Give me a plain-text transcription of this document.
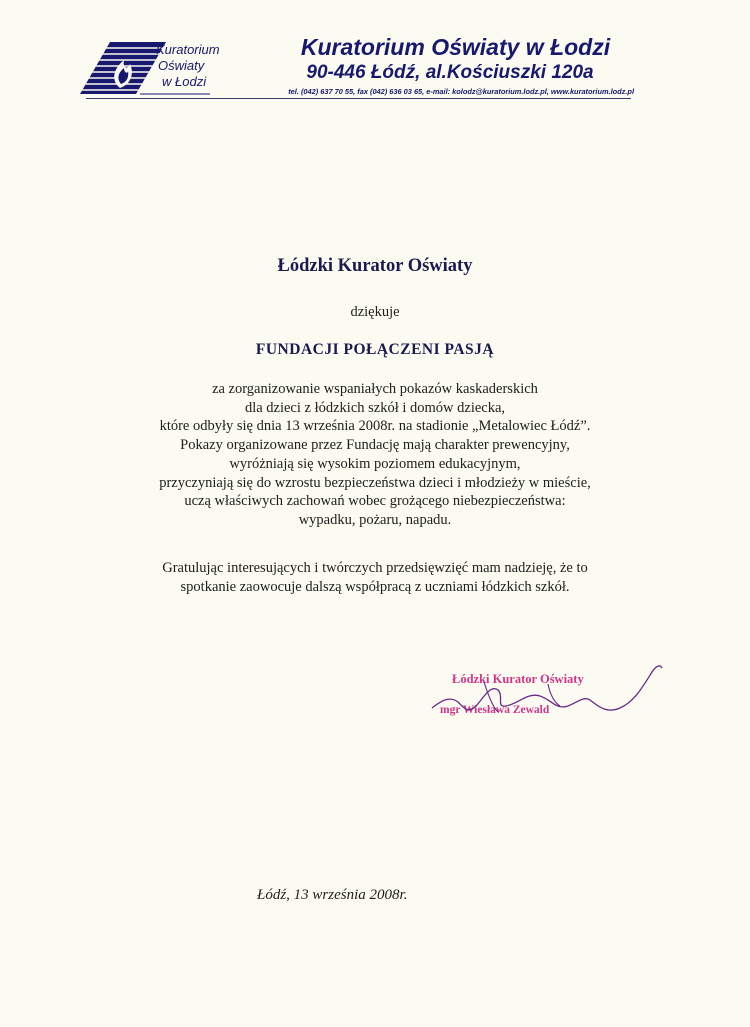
Kuratorium
Oświaty
w Łodzi
Kuratorium Oświaty w Łodzi
90-446 Łódź, al.Kościuszki 120a
tel. (042) 637 70 55, fax (042) 636 03 65, e-mail: kolodz@kuratorium.lodz.pl, www.kuratorium.lodz.pl
Łódzki Kurator Oświaty
dziękuje
FUNDACJI POŁĄCZENI PASJĄ
za zorganizowanie wspaniałych pokazów kaskaderskich
dla dzieci z łódzkich szkół i domów dziecka,
które odbyły się dnia 13 września 2008r. na stadionie „Metalowiec Łódź”.
Pokazy organizowane przez Fundację mają charakter prewencyjny,
wyróżniają się wysokim poziomem edukacyjnym,
przyczyniają się do wzrostu bezpieczeństwa dzieci i młodzieży w mieście,
uczą właściwych zachowań wobec grożącego niebezpieczeństwa:
wypadku, pożaru, napadu.
Gratulując interesujących i twórczych przedsięwzięć mam nadzieję, że to
spotkanie zaowocuje dalszą współpracą z uczniami łódzkich szkół.
Łódzki Kurator Oświaty
mgr Wiesława Zewald
Łódź, 13 września 2008r.
